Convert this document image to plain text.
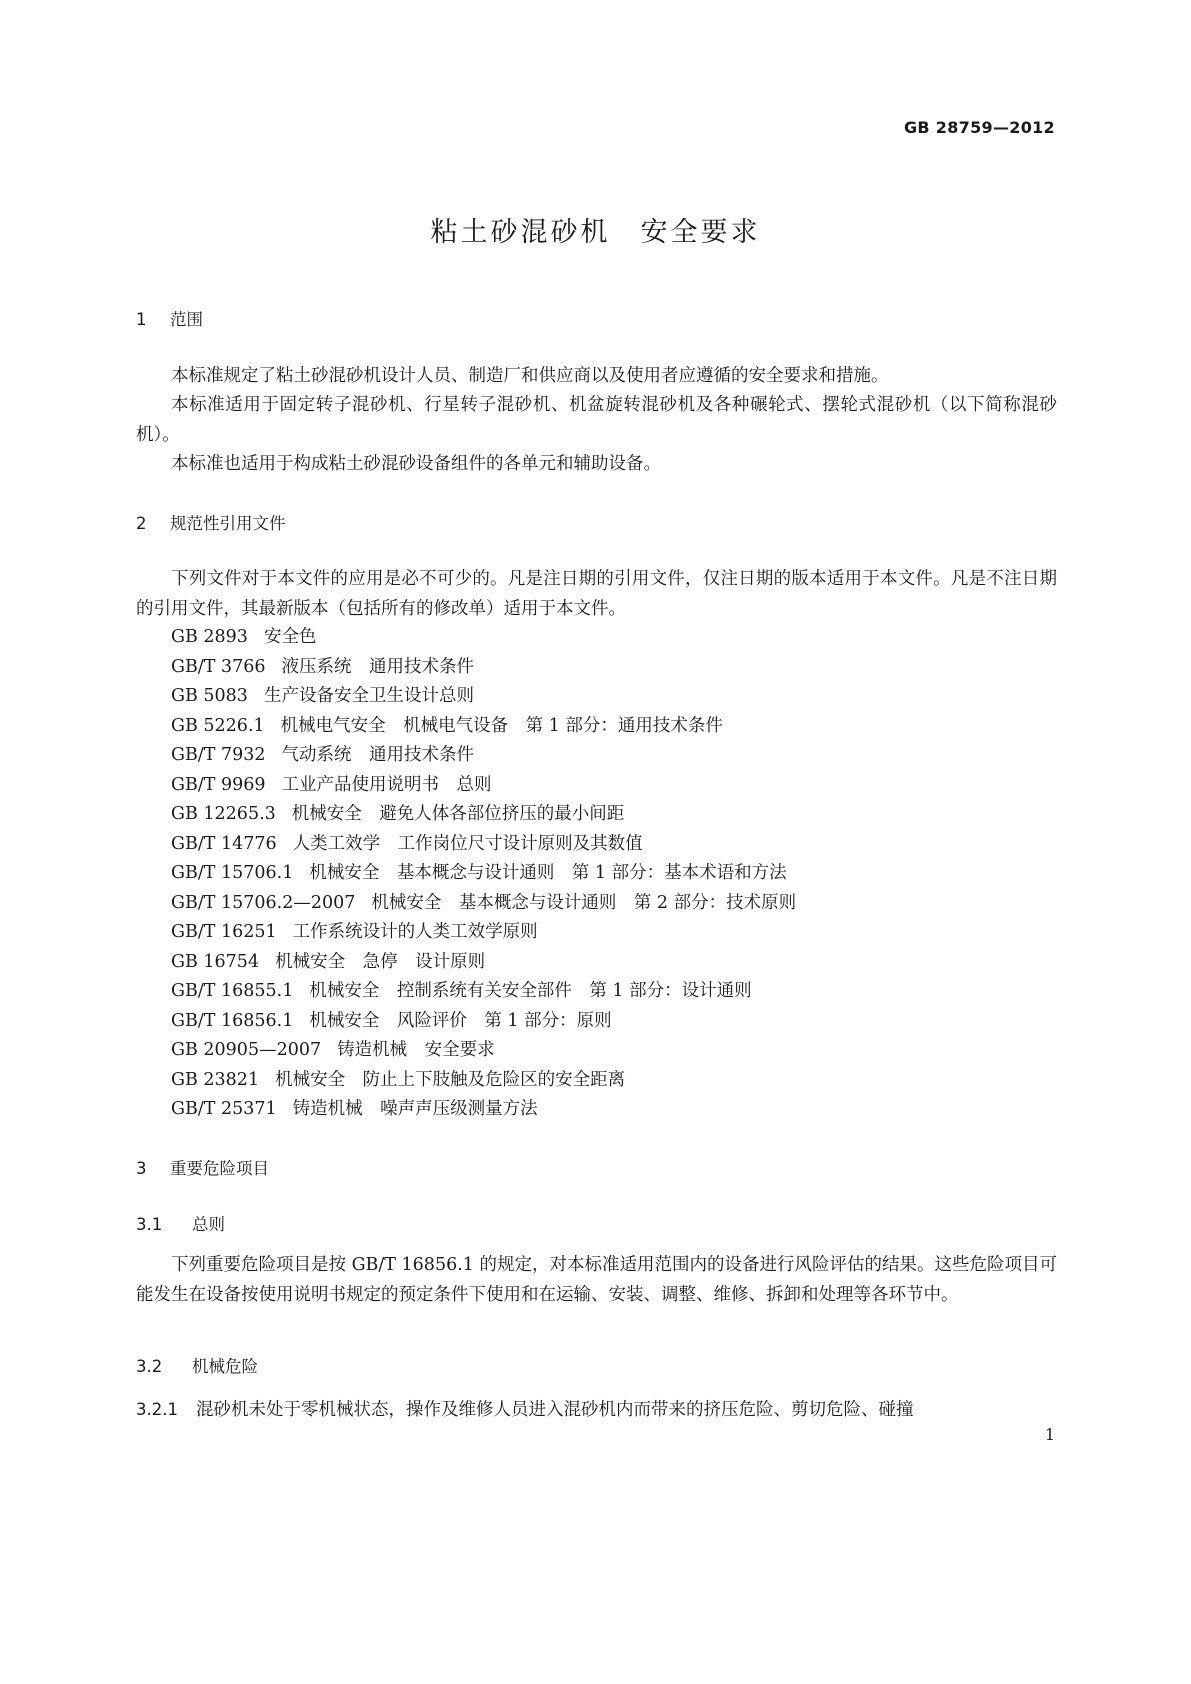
GB 28759—2012
粘土砂混砂机　安全要求
1 范围
本标准规定了粘土砂混砂机设计人员、制造厂和供应商以及使用者应遵循的安全要求和措施。
本标准适用于固定转子混砂机、行星转子混砂机、机盆旋转混砂机及各种碾轮式、摆轮式混砂机（以下简称混砂机）。
本标准也适用于构成粘土砂混砂设备组件的各单元和辅助设备。
2 规范性引用文件
下列文件对于本文件的应用是必不可少的。凡是注日期的引用文件，仅注日期的版本适用于本文件。凡是不注日期的引用文件，其最新版本（包括所有的修改单）适用于本文件。
GB 2893 安全色
GB/T 3766 液压系统　通用技术条件
GB 5083 生产设备安全卫生设计总则
GB 5226.1 机械电气安全　机械电气设备　第 1 部分：通用技术条件
GB/T 7932 气动系统　通用技术条件
GB/T 9969 工业产品使用说明书　总则
GB 12265.3 机械安全　避免人体各部位挤压的最小间距
GB/T 14776 人类工效学　工作岗位尺寸设计原则及其数值
GB/T 15706.1 机械安全　基本概念与设计通则　第 1 部分：基本术语和方法
GB/T 15706.2—2007 机械安全　基本概念与设计通则　第 2 部分：技术原则
GB/T 16251 工作系统设计的人类工效学原则
GB 16754 机械安全　急停　设计原则
GB/T 16855.1 机械安全　控制系统有关安全部件　第 1 部分：设计通则
GB/T 16856.1 机械安全　风险评价　第 1 部分：原则
GB 20905—2007 铸造机械　安全要求
GB 23821 机械安全　防止上下肢触及危险区的安全距离
GB/T 25371 铸造机械　噪声声压级测量方法
3 重要危险项目
3.1 总则
下列重要危险项目是按 GB/T 16856.1 的规定，对本标准适用范围内的设备进行风险评估的结果。这些危险项目可能发生在设备按使用说明书规定的预定条件下使用和在运输、安装、调整、维修、拆卸和处理等各环节中。
3.2 机械危险
3.2.1 混砂机未处于零机械状态，操作及维修人员进入混砂机内而带来的挤压危险、剪切危险、碰撞
1
